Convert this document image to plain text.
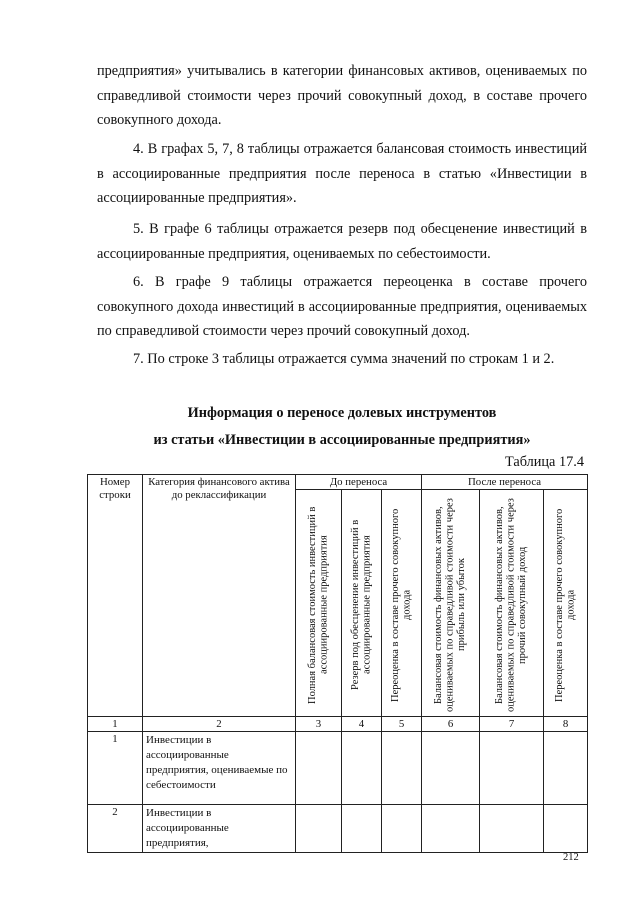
предприятия» учитывались в категории финансовых активов, оцениваемых по справедливой стоимости через прочий совокупный доход, в составе прочего совокупного дохода.

4. В графах 5, 7, 8 таблицы отражается балансовая стоимость инвестиций в ассоциированные предприятия после переноса в статью «Инвестиции в ассоциированные предприятия».

5. В графе 6 таблицы отражается резерв под обесценение инвестиций в ассоциированные предприятия, оцениваемых по себестоимости.

6. В графе 9 таблицы отражается переоценка в составе прочего совокупного дохода инвестиций в ассоциированные предприятия, оцениваемых по справедливой стоимости через прочий совокупный доход.

7. По строке 3 таблицы отражается сумма значений по строкам 1 и 2.

Информация о переносе долевых инструментов

из статьи «Инвестиции в ассоциированные предприятия»

Таблица 17.4

Номер строки	Категория финансового актива до реклассификации	До переноса			После переноса		

		Полная балансовая стоимость инвестиций в ассоциированные предприятия	Резерв под обесценение инвестиций в ассоциированные предприятия	Переоценка в составе прочего совокупного дохода	Балансовая стоимость финансовых активов, оцениваемых по справедливой стоимости через прибыль или убыток	Балансовая стоимость финансовых активов, оцениваемых по справедливой стоимости через прочий совокупный доход	Переоценка в составе прочего совокупного дохода

1	2	3	4	5	6	7	8
1	Инвестиции в ассоциированные предприятия, оцениваемые по себестоимости						
2	Инвестиции в ассоциированные предприятия,						

212
